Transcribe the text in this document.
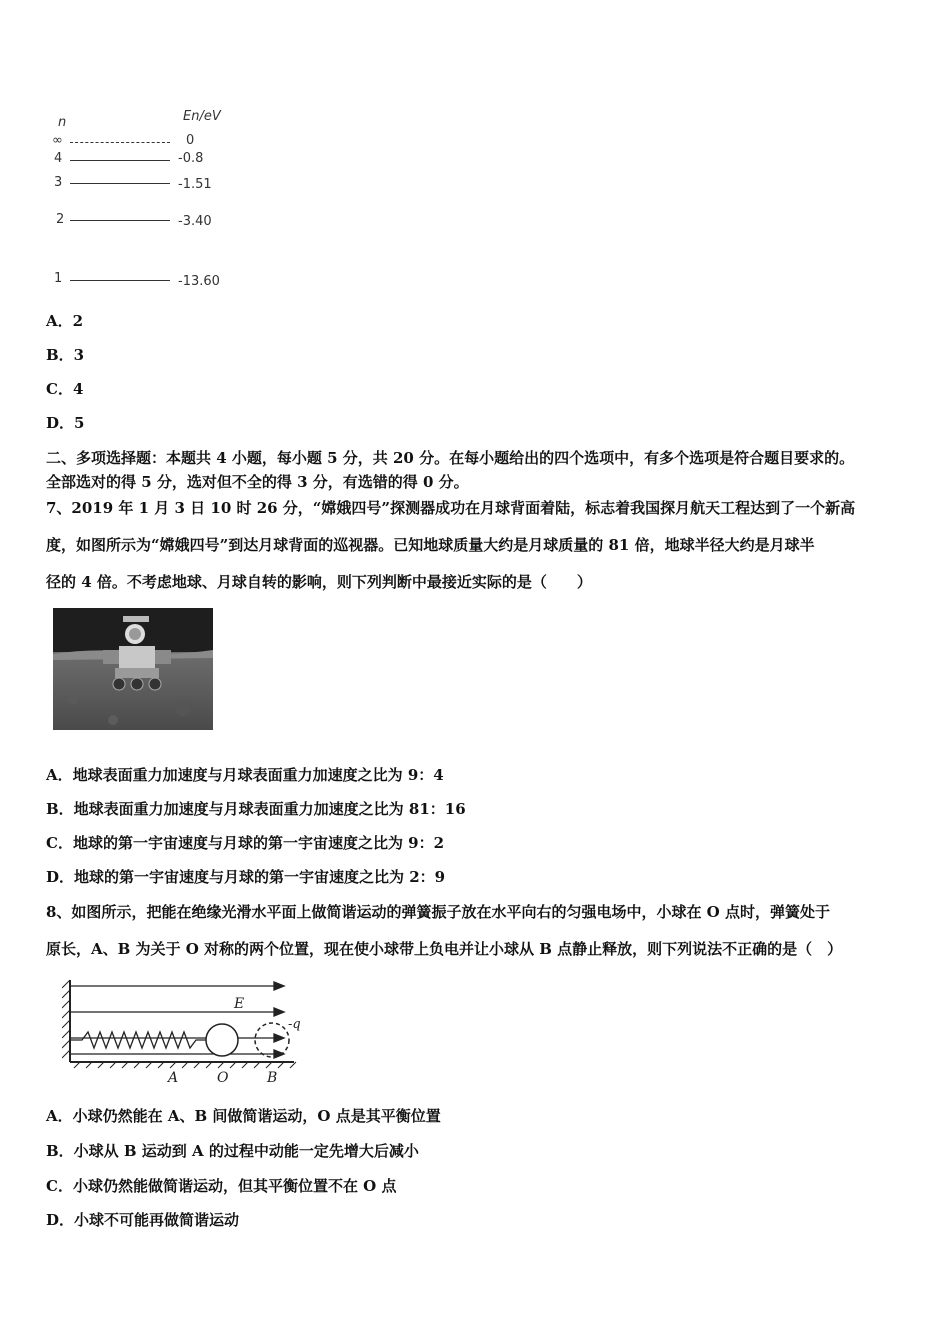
n	En/eV
∞	0
4	-0.8
3	-1.51
2	-3.40
1	-13.60
A．2
B．3
C．4
D．5
二、多项选择题：本题共 4 小题，每小题 5 分，共 20 分。在每小题给出的四个选项中，有多个选项是符合题目要求的。
全部选对的得 5 分，选对但不全的得 3 分，有选错的得 0 分。
7、2019 年 1 月 3 日 10 时 26 分，“嫦娥四号”探测器成功在月球背面着陆，标志着我国探月航天工程达到了一个新高
度，如图所示为“嫦娥四号”到达月球背面的巡视器。已知地球质量大约是月球质量的 81 倍，地球半径大约是月球半
径的 4 倍。不考虑地球、月球自转的影响，则下列判断中最接近实际的是（　　）
A．地球表面重力加速度与月球表面重力加速度之比为 9：4
B．地球表面重力加速度与月球表面重力加速度之比为 81：16
C．地球的第一宇宙速度与月球的第一宇宙速度之比为 9：2
D．地球的第一宇宙速度与月球的第一宇宙速度之比为 2：9
8、如图所示，把能在绝缘光滑水平面上做简谐运动的弹簧振子放在水平向右的匀强电场中，小球在 O 点时，弹簧处于
原长，A、B 为关于 O 对称的两个位置，现在使小球带上负电并让小球从 B 点静止释放，则下列说法不正确的是（　）
E
-q
A	O	B
A．小球仍然能在 A、B 间做简谐运动，O 点是其平衡位置
B．小球从 B 运动到 A 的过程中动能一定先增大后减小
C．小球仍然能做简谐运动，但其平衡位置不在 O 点
D．小球不可能再做简谐运动
